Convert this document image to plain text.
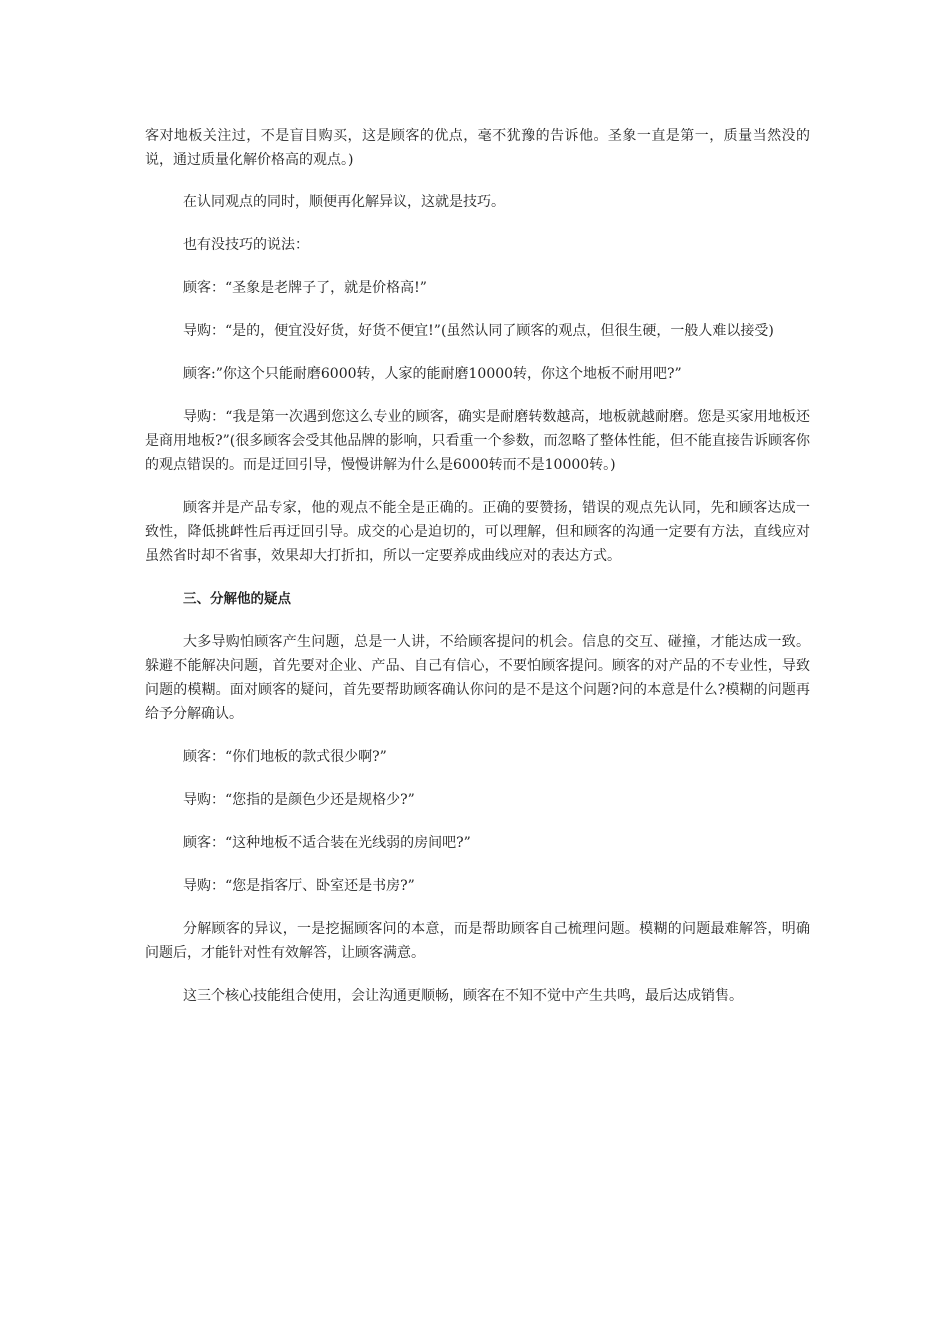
客对地板关注过，不是盲目购买，这是顾客的优点，毫不犹豫的告诉他。圣象一直是第一，质量当然没的说，通过质量化解价格高的观点。)

在认同观点的同时，顺便再化解异议，这就是技巧。

也有没技巧的说法：

顾客：“圣象是老牌子了，就是价格高!”

导购：“是的，便宜没好货，好货不便宜!”(虽然认同了顾客的观点，但很生硬，一般人难以接受)

顾客:”你这个只能耐磨6000转，人家的能耐磨10000转，你这个地板不耐用吧?”

导购：“我是第一次遇到您这么专业的顾客，确实是耐磨转数越高，地板就越耐磨。您是买家用地板还是商用地板?”(很多顾客会受其他品牌的影响，只看重一个参数，而忽略了整体性能，但不能直接告诉顾客你的观点错误的。而是迂回引导，慢慢讲解为什么是6000转而不是10000转。)

顾客并是产品专家，他的观点不能全是正确的。正确的要赞扬，错误的观点先认同，先和顾客达成一致性，降低挑衅性后再迂回引导。成交的心是迫切的，可以理解，但和顾客的沟通一定要有方法，直线应对虽然省时却不省事，效果却大打折扣，所以一定要养成曲线应对的表达方式。

三、分解他的疑点

大多导购怕顾客产生问题，总是一人讲，不给顾客提问的机会。信息的交互、碰撞，才能达成一致。躲避不能解决问题，首先要对企业、产品、自己有信心，不要怕顾客提问。顾客的对产品的不专业性，导致问题的模糊。面对顾客的疑问，首先要帮助顾客确认你问的是不是这个问题?问的本意是什么?模糊的问题再给予分解确认。

顾客：“你们地板的款式很少啊?”

导购：“您指的是颜色少还是规格少?”

顾客：“这种地板不适合装在光线弱的房间吧?”

导购：“您是指客厅、卧室还是书房?”

分解顾客的异议，一是挖掘顾客问的本意，而是帮助顾客自己梳理问题。模糊的问题最难解答，明确问题后，才能针对性有效解答，让顾客满意。

这三个核心技能组合使用，会让沟通更顺畅，顾客在不知不觉中产生共鸣，最后达成销售。
